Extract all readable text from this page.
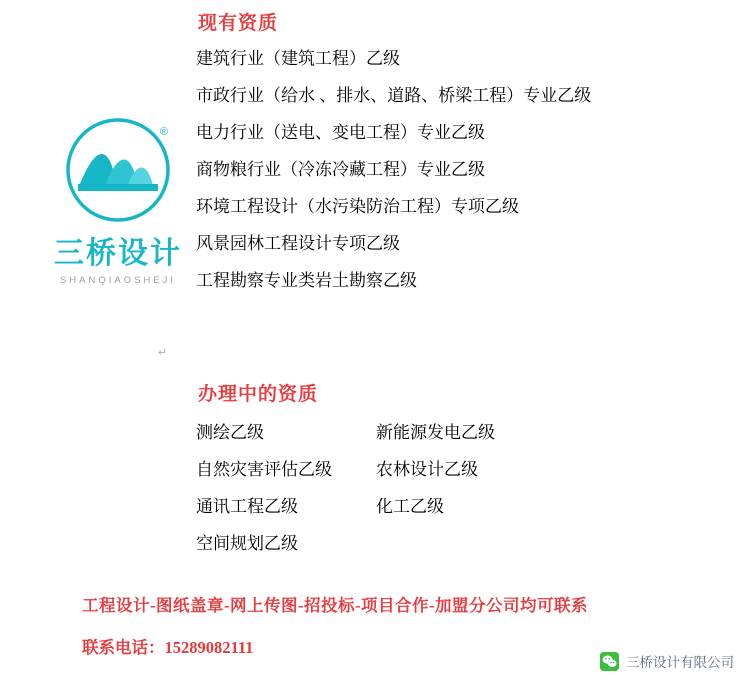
®
三桥设计
SHANQIAOSHEJI
现有资质
建筑行业（建筑工程）乙级
市政行业（给水 、排水、道路、桥梁工程）专业乙级
电力行业（送电、变电工程）专业乙级
商物粮行业（冷冻冷藏工程）专业乙级
环境工程设计（水污染防治工程）专项乙级
风景园林工程设计专项乙级
工程勘察专业类岩土勘察乙级
↵
办理中的资质
测绘乙级	新能源发电乙级
自然灾害评估乙级	农林设计乙级
通讯工程乙级	化工乙级
空间规划乙级
工程设计-图纸盖章-网上传图-招投标-项目合作-加盟分公司均可联系
联系电话：15289082111
三桥设计有限公司
